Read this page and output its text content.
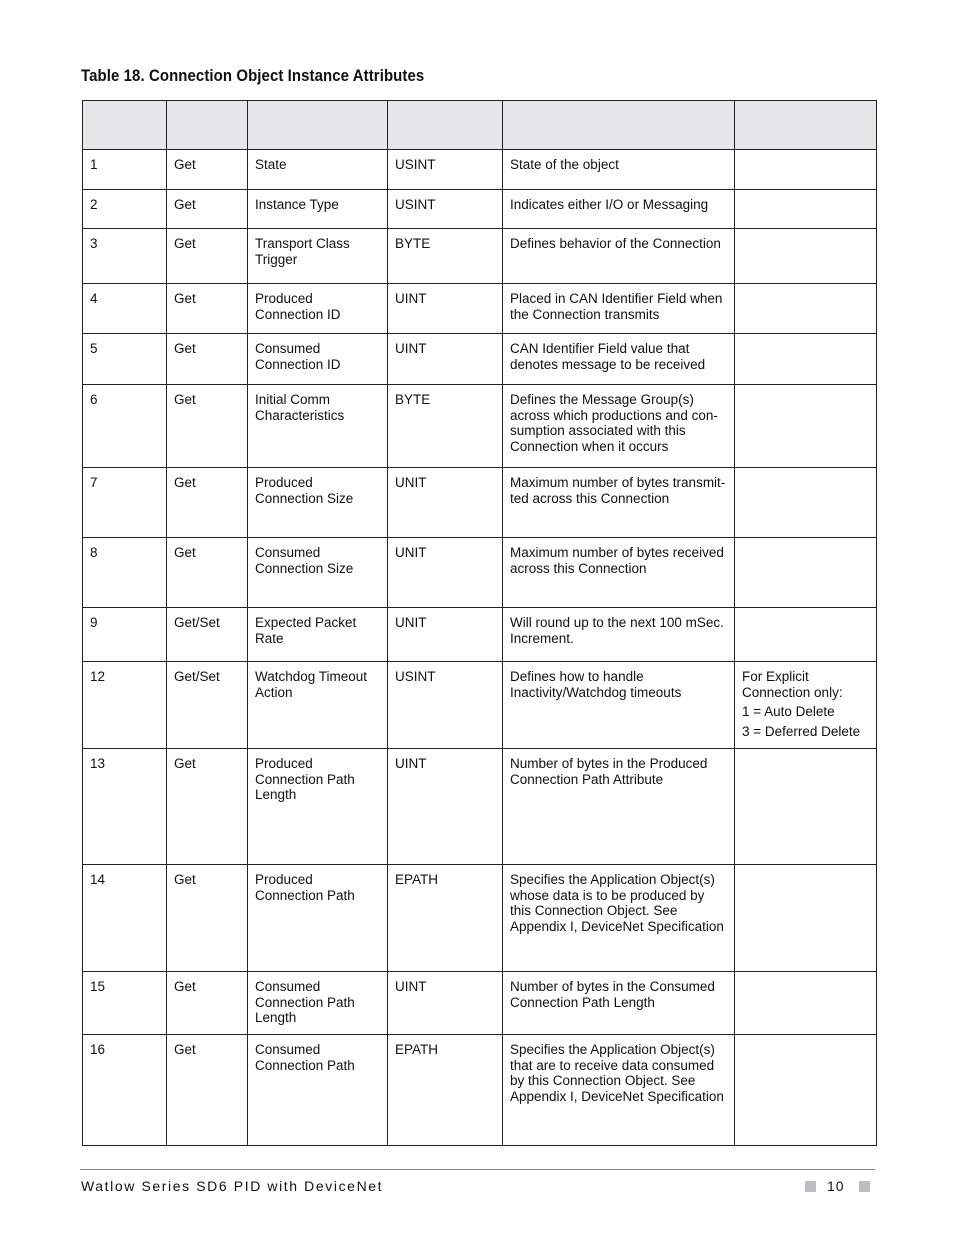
Table 18. Connection Object Instance Attributes

1	Get	State	USINT	State of the object	
2	Get	Instance Type	USINT	Indicates either I/O or Messaging	
3	Get	Transport Class Trigger	BYTE	Defines behavior of the Connection	
4	Get	Produced Connection ID	UINT	Placed in CAN Identifier Field when the Connection transmits	
5	Get	Consumed Connection ID	UINT	CAN Identifier Field value that denotes message to be received	
6	Get	Initial Comm Characteristics	BYTE	Defines the Message Group(s) across which productions and con-sumption associated with this Connection when it occurs	
7	Get	Produced Connection Size	UNIT	Maximum number of bytes transmit-ted across this Connection	
8	Get	Consumed Connection Size	UNIT	Maximum number of bytes received across this Connection	
9	Get/Set	Expected Packet Rate	UNIT	Will round up to the next 100 mSec. Increment.	
12	Get/Set	Watchdog Timeout Action	USINT	Defines how to handle Inactivity/Watchdog timeouts	For Explicit Connection only:
1 = Auto Delete
3 = Deferred Delete

13	Get	Produced Connection Path Length	UINT	Number of bytes in the Produced Connection Path Attribute	
14	Get	Produced Connection Path	EPATH	Specifies the Application Object(s) whose data is to be produced by this Connection Object. See Appendix I, DeviceNet Specification	
15	Get	Consumed Connection Path Length	UINT	Number of bytes in the Consumed Connection Path Length	
16	Get	Consumed Connection Path	EPATH	Specifies the Application Object(s) that are to receive data consumed by this Connection Object. See Appendix I, DeviceNet Specification	
Watlow Series SD6 PID with DeviceNet	10
